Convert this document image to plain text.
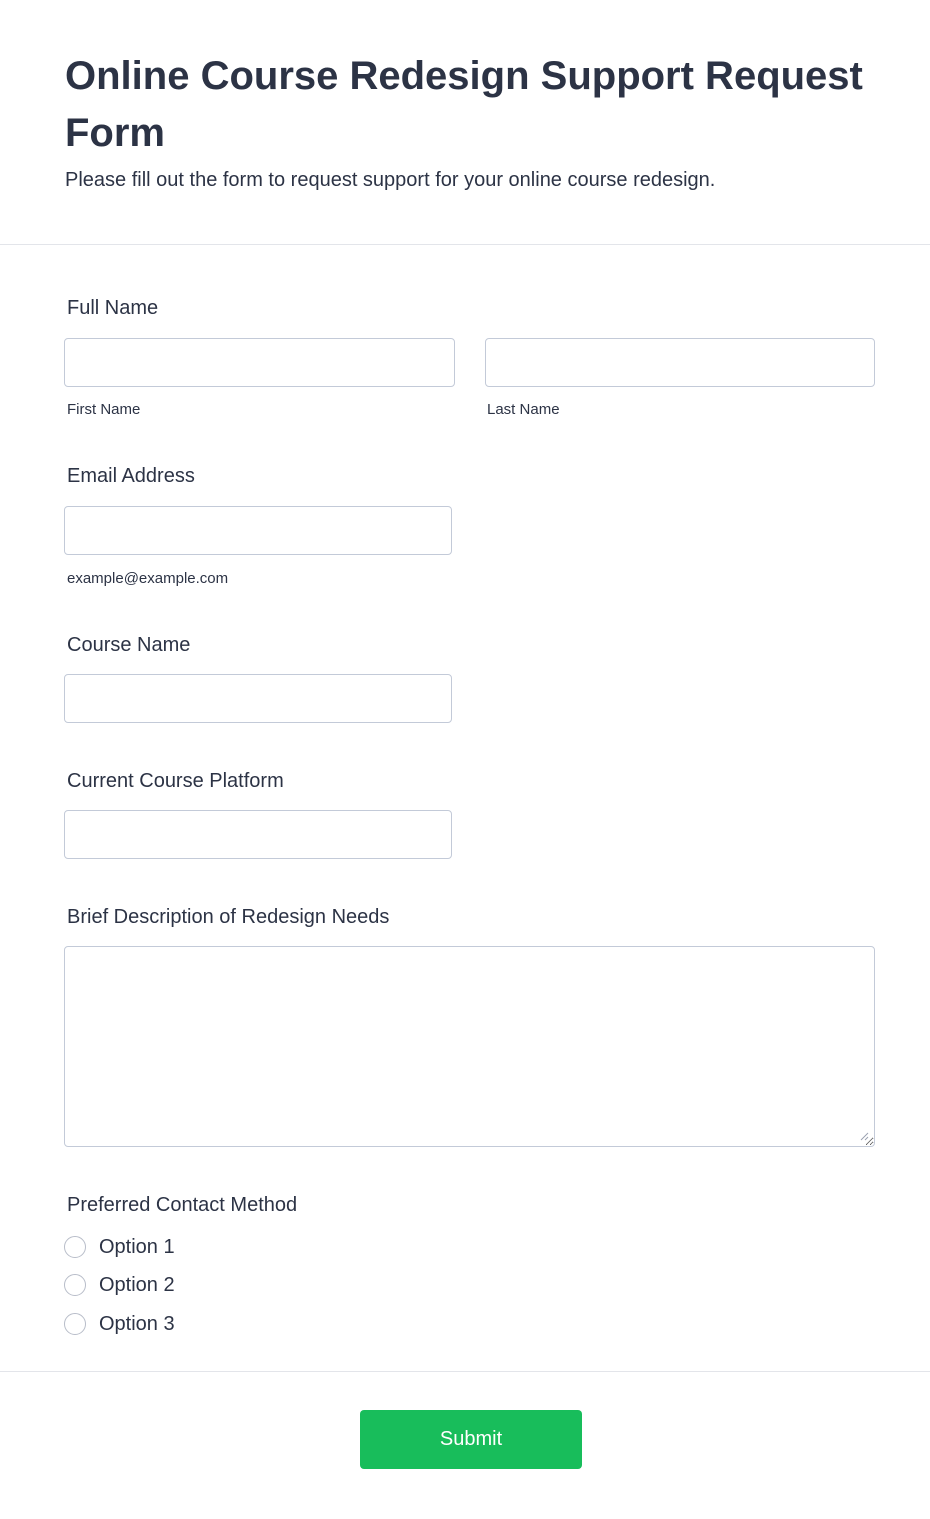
Online Course Redesign Support Request Form

Please fill out the form to request support for your online course redesign.

Full Name
First Name	Last Name
Email Address
example@example.com
Course Name
Current Course Platform
Brief Description of Redesign Needs
Preferred Contact Method
Option 1
Option 2
Option 3
Submit
